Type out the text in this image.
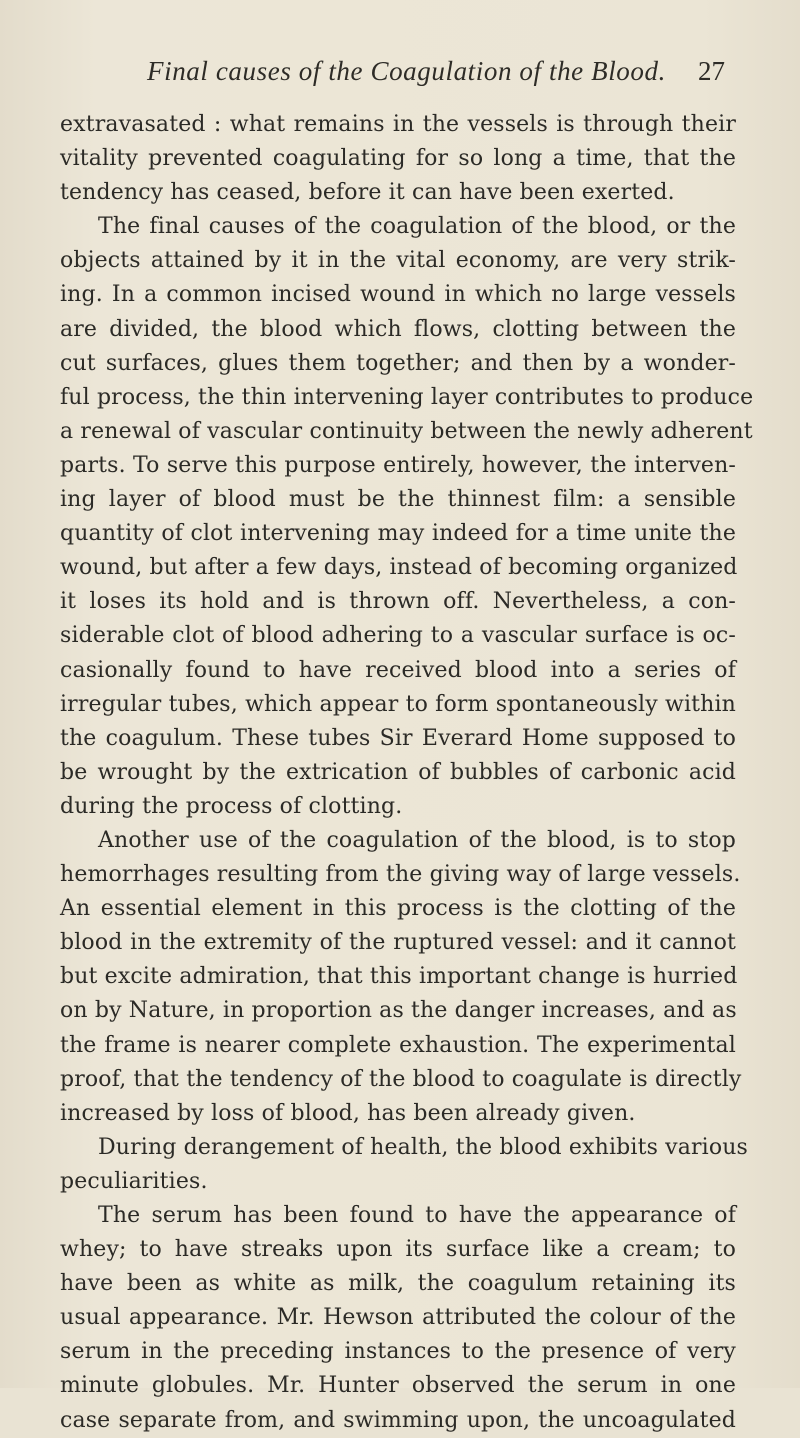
Final causes of the Coagulation of the Blood. 27
extravasated : what remains in the vessels is through their
vitality prevented coagulating for so long a time, that the
tendency has ceased, before it can have been exerted.
The final causes of the coagulation of the blood, or the
objects attained by it in the vital economy, are very strik-
ing. In a common incised wound in which no large vessels
are divided, the blood which flows, clotting between the
cut surfaces, glues them together; and then by a wonder-
ful process, the thin intervening layer contributes to produce
a renewal of vascular continuity between the newly adherent
parts. To serve this purpose entirely, however, the interven-
ing layer of blood must be the thinnest film: a sensible
quantity of clot intervening may indeed for a time unite the
wound, but after a few days, instead of becoming organized
it loses its hold and is thrown off. Nevertheless, a con-
siderable clot of blood adhering to a vascular surface is oc-
casionally found to have received blood into a series of
irregular tubes, which appear to form spontaneously within
the coagulum. These tubes Sir Everard Home supposed to
be wrought by the extrication of bubbles of carbonic acid
during the process of clotting.
Another use of the coagulation of the blood, is to stop
hemorrhages resulting from the giving way of large vessels.
An essential element in this process is the clotting of the
blood in the extremity of the ruptured vessel: and it cannot
but excite admiration, that this important change is hurried
on by Nature, in proportion as the danger increases, and as
the frame is nearer complete exhaustion. The experimental
proof, that the tendency of the blood to coagulate is directly
increased by loss of blood, has been already given.
During derangement of health, the blood exhibits various
peculiarities.
The serum has been found to have the appearance of
whey; to have streaks upon its surface like a cream; to
have been as white as milk, the coagulum retaining its
usual appearance. Mr. Hewson attributed the colour of the
serum in the preceding instances to the presence of very
minute globules. Mr. Hunter observed the serum in one
case separate from, and swimming upon, the uncoagulated
